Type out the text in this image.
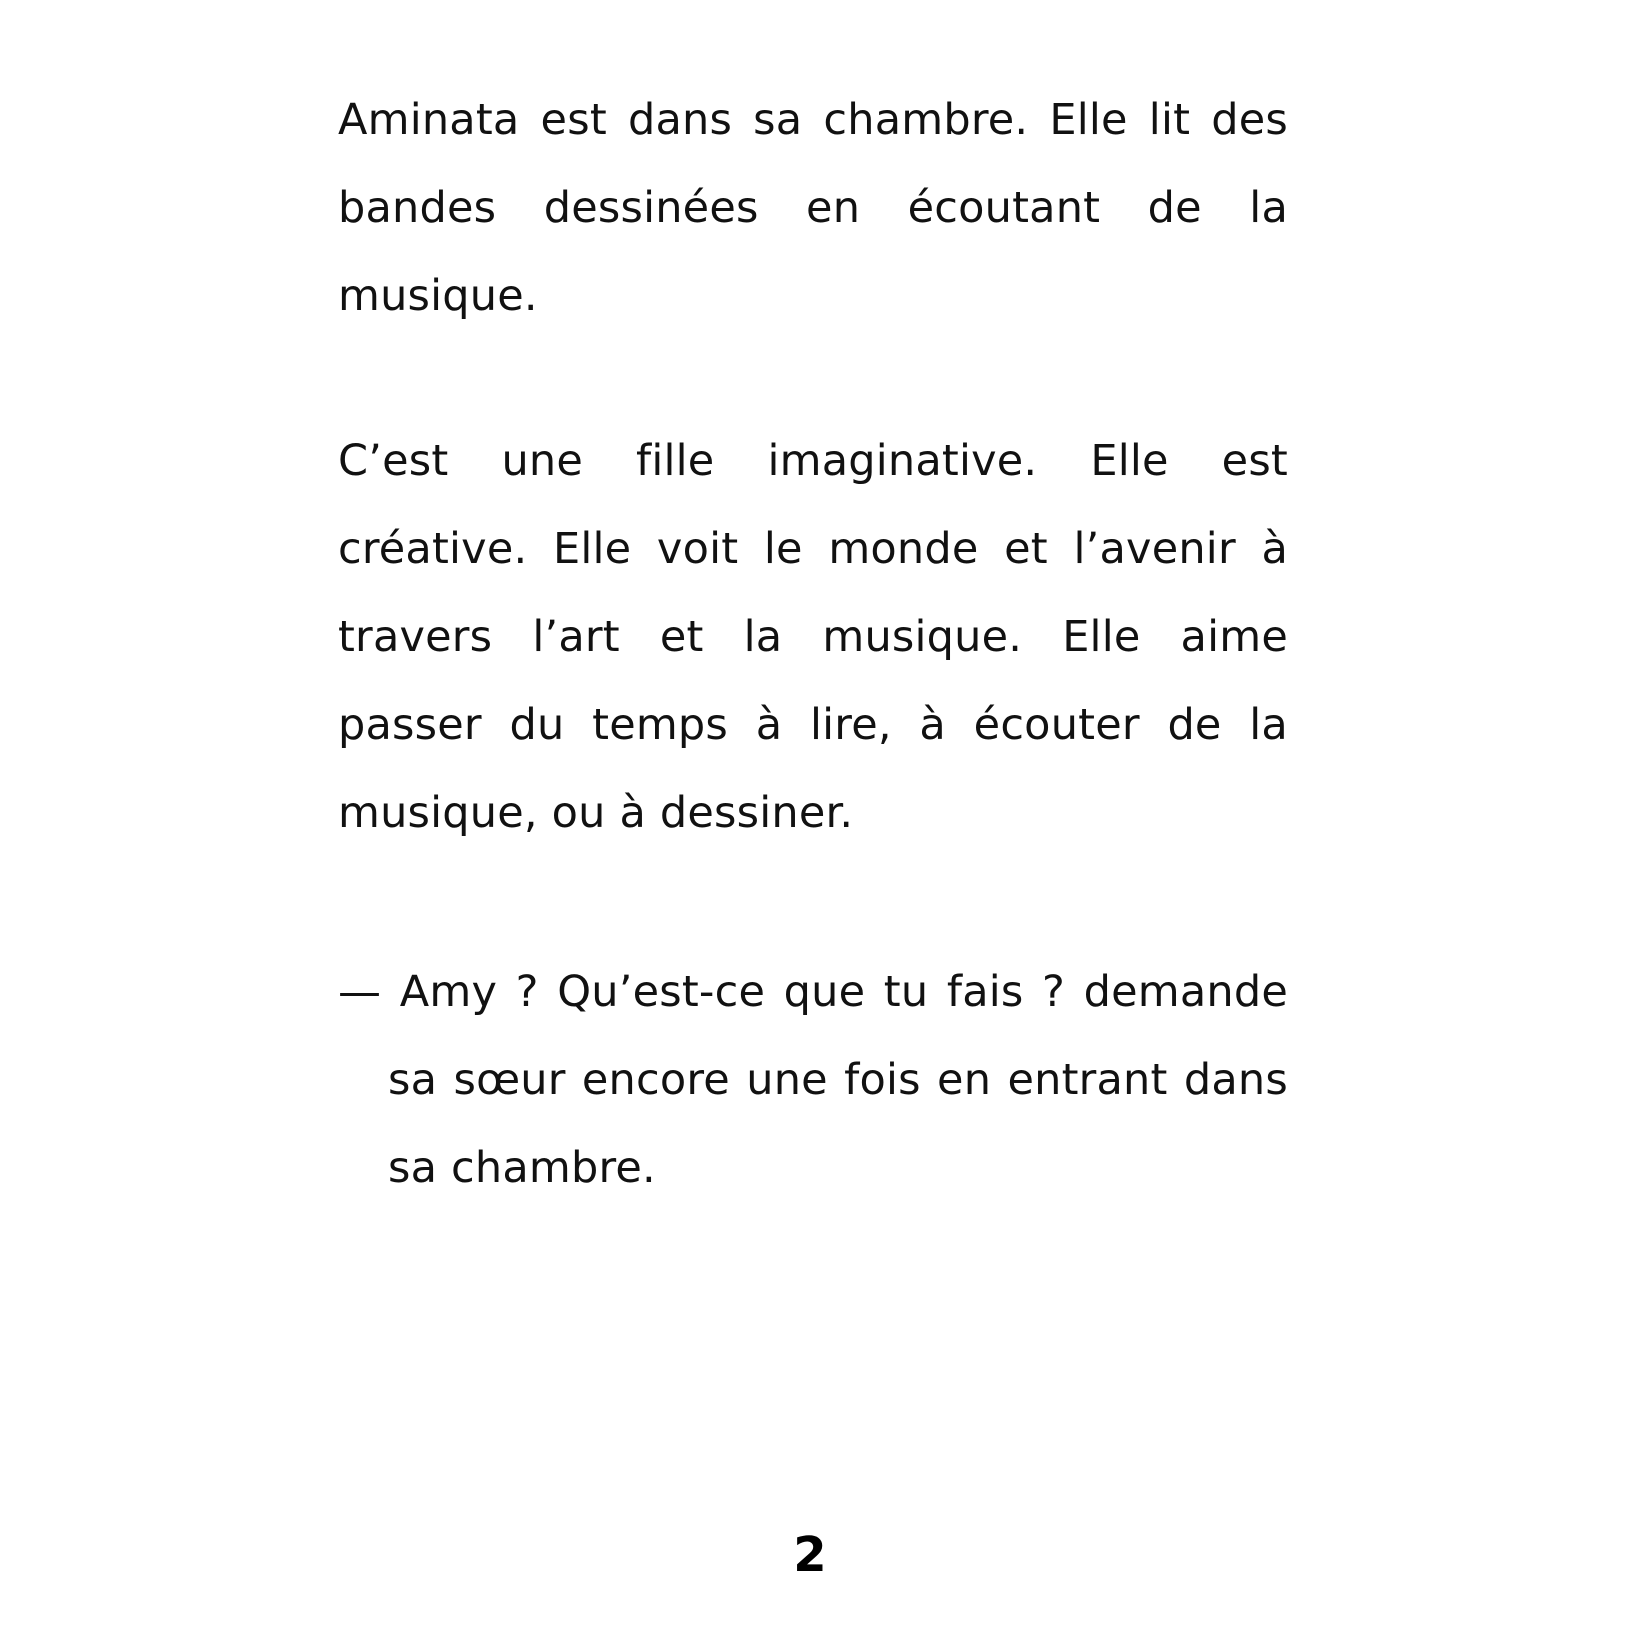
Aminata est dans sa chambre. Elle lit des bandes dessinées en écoutant de la musique.

C’est une fille imaginative. Elle est créative. Elle voit le monde et l’avenir à travers l’art et la musique. Elle aime passer du temps à lire, à écouter de la musique, ou à dessiner.

— Amy ? Qu’est-ce que tu fais ? demande sa sœur encore une fois en entrant dans sa chambre.

2
